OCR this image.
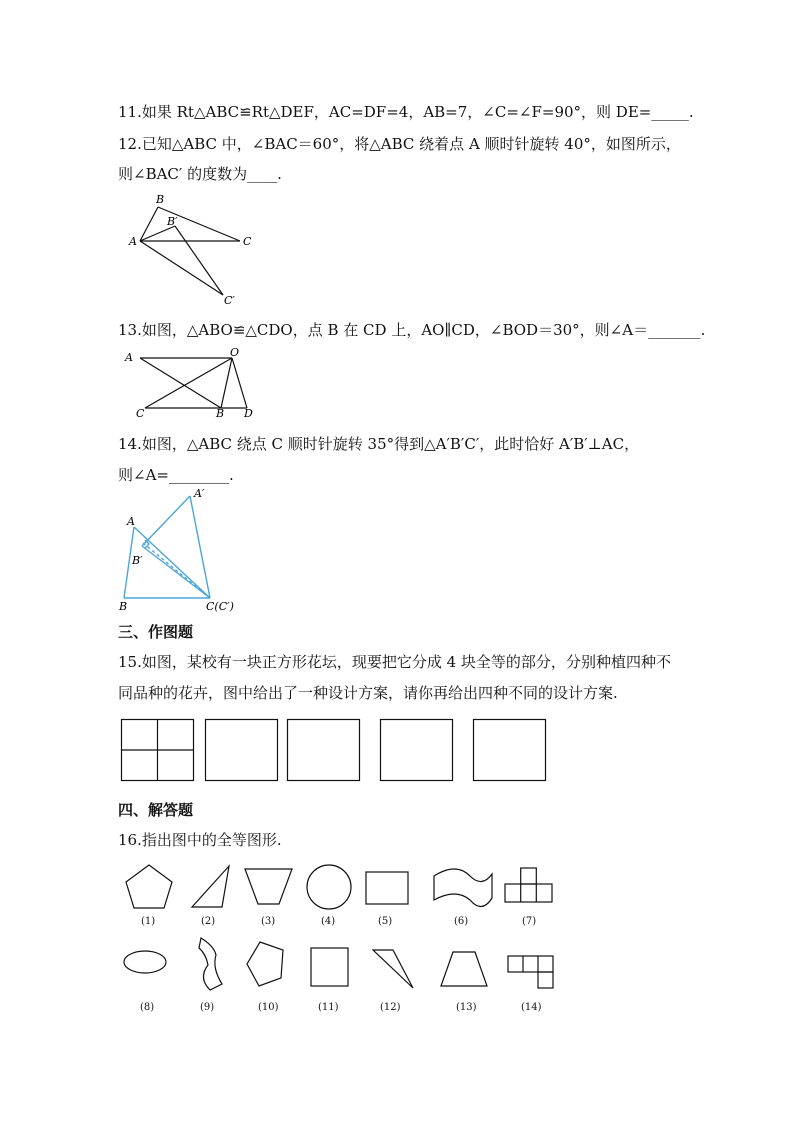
11.如果 Rt△ABC≌Rt△DEF，AC=DF=4，AB=7，∠C=∠F=90°，则 DE=_____.
12.已知△ABC 中，∠BAC＝60°，将△ABC 绕着点 A 顺时针旋转 40°，如图所示，
则∠BAC′ 的度数为____.
A
B
B′
C
C′
13.如图，△ABO≌△CDO，点 B 在 CD 上，AO∥CD，∠BOD＝30°，则∠A＝_______.
A	O
C	B D
14.如图，△ABC 绕点 C 顺时针旋转 35°得到△A′B′C′，此时恰好 A′B′⊥AC，
则∠A=________.
A′
A
B′
B	C(C′)
三、作图题
15.如图，某校有一块正方形花坛，现要把它分成 4 块全等的部分，分别种植四种不
同品种的花卉，图中给出了一种设计方案，请你再给出四种不同的设计方案.
四、解答题
16.指出图中的全等图形.
(1)	(2)	(3)	(4)	(5)	(6)	(7)
(8)	(9)	(10)	(11)	(12)	(13)	(14)
